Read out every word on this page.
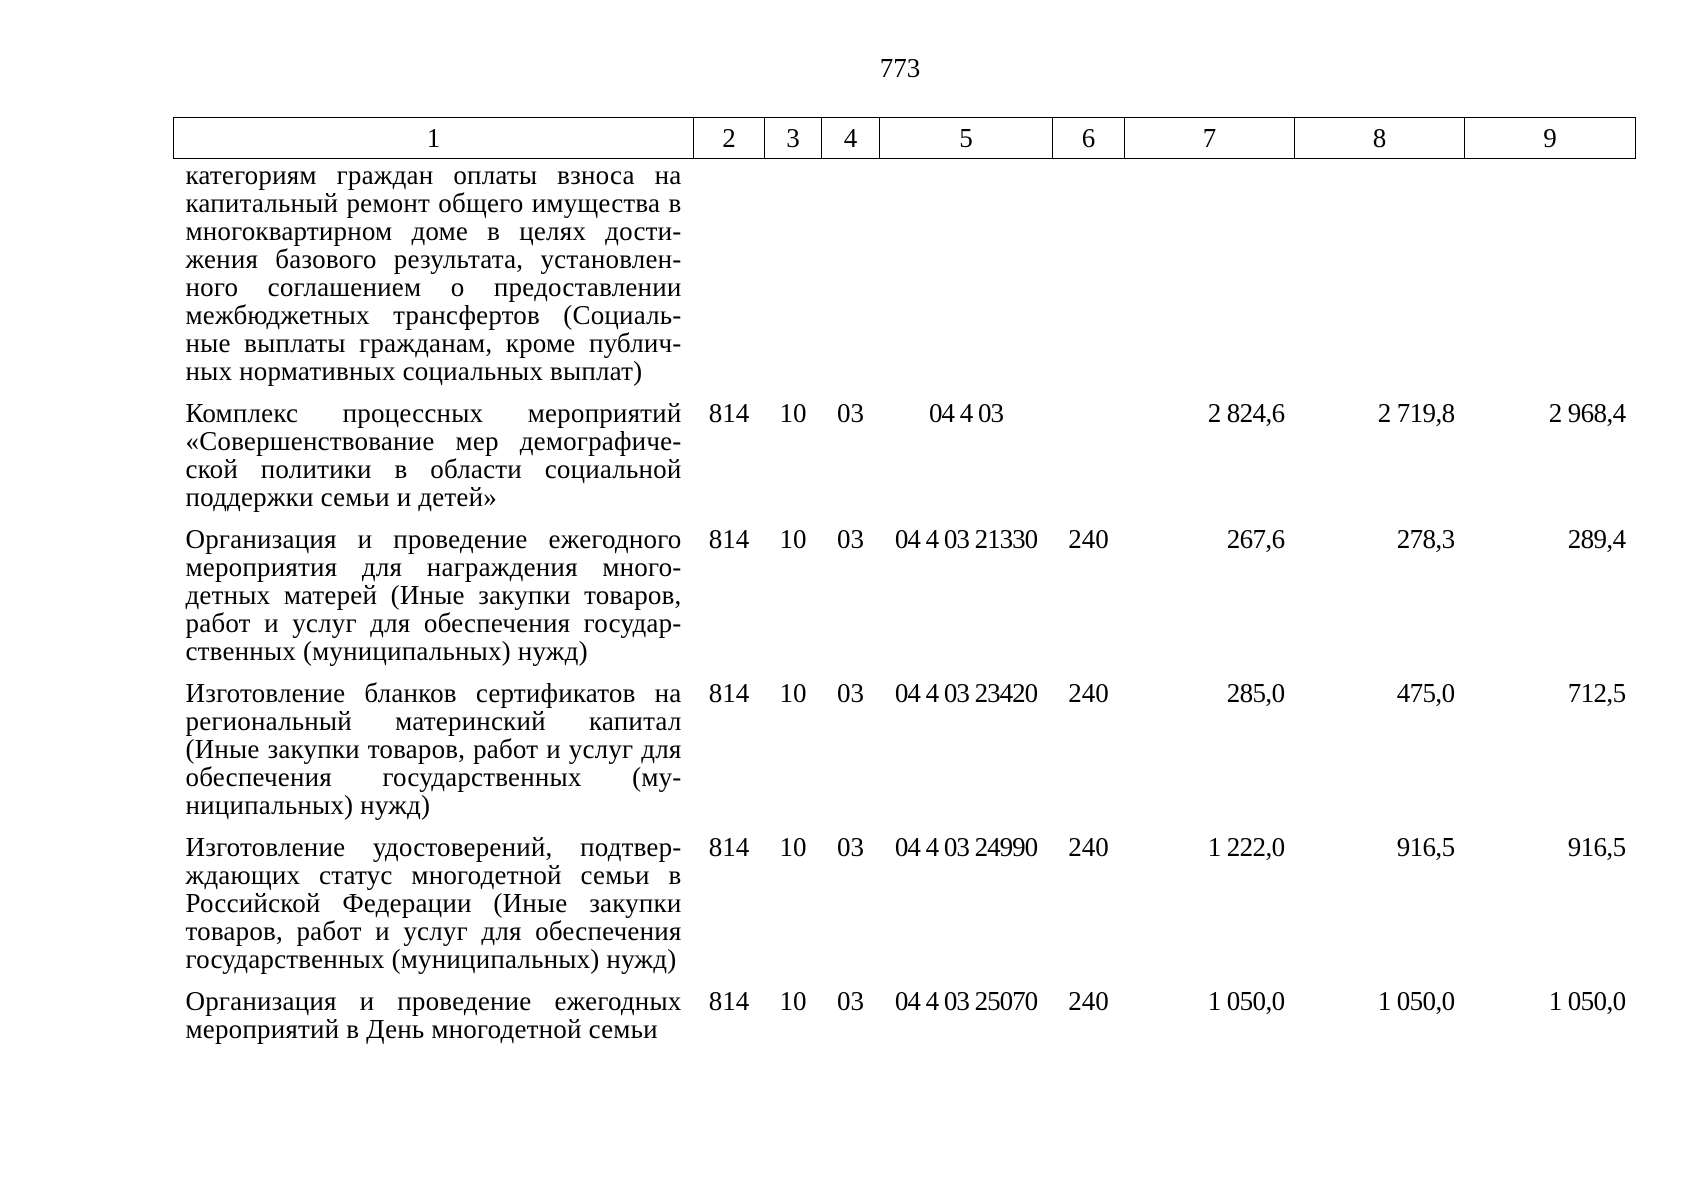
773
1	2	3	4	5	6	7	8	9
категориям граждан оплаты взноса на капитальный ремонт общего имущества в многоквартирном доме в целях дости-жения базового результата, установлен-ного соглашением о предоставлении межбюджетных трансфертов (Социаль-ные выплаты гражданам, кроме публич-ных нормативных социальных выплат)								
Комплекс процессных мероприятий «Совершенствование мер демографиче-ской политики в области социальной поддержки семьи и детей»	814	10	03	04 4 03		2 824,6	2 719,8	2 968,4
Организация и проведение ежегодного мероприятия для награждения много-детных матерей (Иные закупки товаров, работ и услуг для обеспечения государ-ственных (муниципальных) нужд)	814	10	03	04 4 03 21330	240	267,6	278,3	289,4
Изготовление бланков сертификатов на региональный материнский капитал (Иные закупки товаров, работ и услуг для обеспечения государственных (му-ниципальных) нужд)	814	10	03	04 4 03 23420	240	285,0	475,0	712,5
Изготовление удостоверений, подтвер-ждающих статус многодетной семьи в Российской Федерации (Иные закупки товаров, работ и услуг для обеспечения государственных (муниципальных) нужд)	814	10	03	04 4 03 24990	240	1 222,0	916,5	916,5
Организация и проведение ежегодных мероприятий в День многодетной семьи	814	10	03	04 4 03 25070	240	1 050,0	1 050,0	1 050,0
